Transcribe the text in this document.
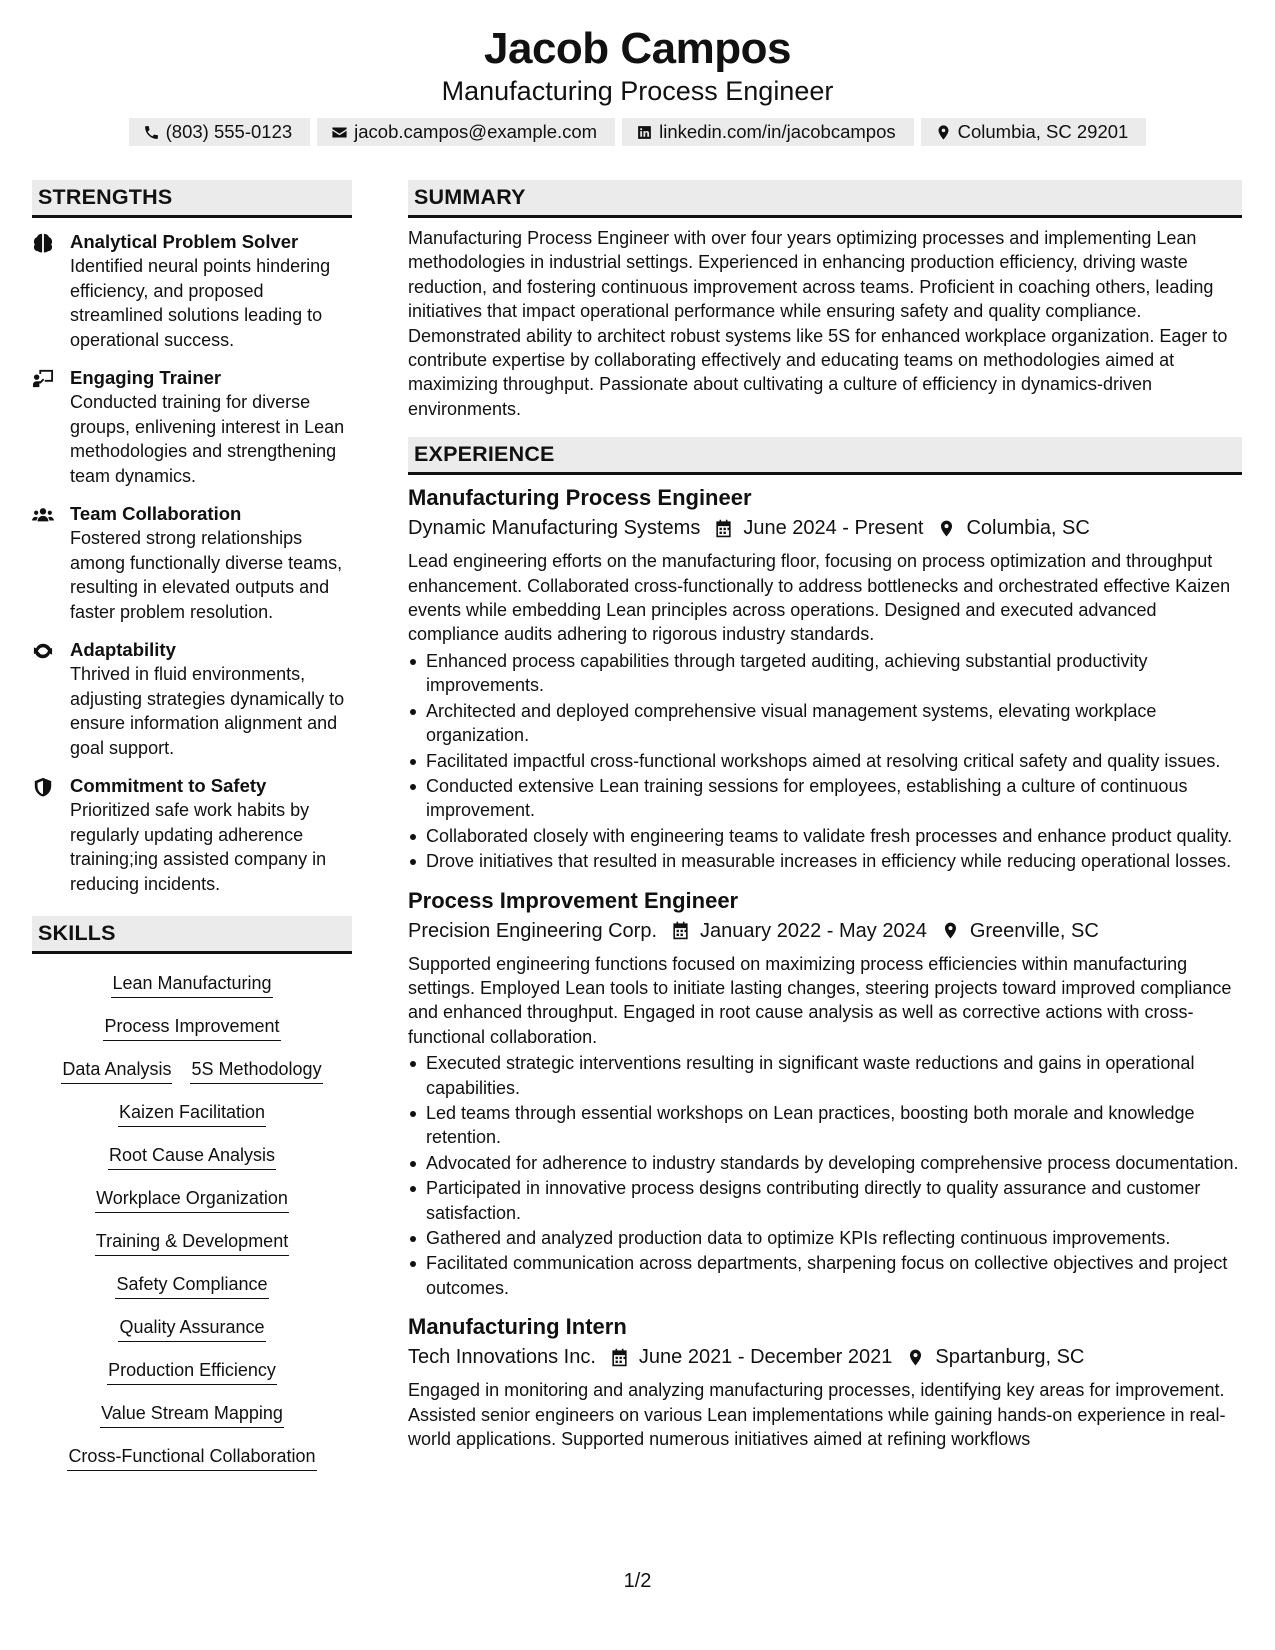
Jacob Campos
Manufacturing Process Engineer
(803) 555-0123	jacob.campos@example.com	linkedin.com/in/jacobcampos	Columbia, SC 29201
STRENGTHS
Analytical Problem Solver
Identified neural points hindering efficiency, and proposed streamlined solutions leading to operational success.
Engaging Trainer
Conducted training for diverse groups, enlivening interest in Lean methodologies and strengthening team dynamics.
Team Collaboration
Fostered strong relationships among functionally diverse teams, resulting in elevated outputs and faster problem resolution.
Adaptability
Thrived in fluid environments, adjusting strategies dynamically to ensure information alignment and goal support.
Commitment to Safety
Prioritized safe work habits by regularly updating adherence training;ing assisted company in reducing incidents.
SKILLS
Lean Manufacturing
Process Improvement
Data Analysis 5S Methodology
Kaizen Facilitation
Root Cause Analysis
Workplace Organization
Training & Development
Safety Compliance
Quality Assurance
Production Efficiency
Value Stream Mapping
Cross-Functional Collaboration
SUMMARY
Manufacturing Process Engineer with over four years optimizing processes and implementing Lean methodologies in industrial settings. Experienced in enhancing production efficiency, driving waste reduction, and fostering continuous improvement across teams. Proficient in coaching others, leading initiatives that impact operational performance while ensuring safety and quality compliance. Demonstrated ability to architect robust systems like 5S for enhanced workplace organization. Eager to contribute expertise by collaborating effectively and educating teams on methodologies aimed at maximizing throughput. Passionate about cultivating a culture of efficiency in dynamics-driven environments.
EXPERIENCE
Manufacturing Process Engineer
Dynamic Manufacturing Systems June 2024 - Present Columbia, SC
Lead engineering efforts on the manufacturing floor, focusing on process optimization and throughput enhancement. Collaborated cross-functionally to address bottlenecks and orchestrated effective Kaizen events while embedding Lean principles across operations. Designed and executed advanced compliance audits adhering to rigorous industry standards.
Enhanced process capabilities through targeted auditing, achieving substantial productivity improvements.
Architected and deployed comprehensive visual management systems, elevating workplace organization.
Facilitated impactful cross-functional workshops aimed at resolving critical safety and quality issues.
Conducted extensive Lean training sessions for employees, establishing a culture of continuous improvement.
Collaborated closely with engineering teams to validate fresh processes and enhance product quality.
Drove initiatives that resulted in measurable increases in efficiency while reducing operational losses.
Process Improvement Engineer
Precision Engineering Corp. January 2022 - May 2024 Greenville, SC
Supported engineering functions focused on maximizing process efficiencies within manufacturing settings. Employed Lean tools to initiate lasting changes, steering projects toward improved compliance and enhanced throughput. Engaged in root cause analysis as well as corrective actions with cross-functional collaboration.
Executed strategic interventions resulting in significant waste reductions and gains in operational capabilities.
Led teams through essential workshops on Lean practices, boosting both morale and knowledge retention.
Advocated for adherence to industry standards by developing comprehensive process documentation.
Participated in innovative process designs contributing directly to quality assurance and customer satisfaction.
Gathered and analyzed production data to optimize KPIs reflecting continuous improvements.
Facilitated communication across departments, sharpening focus on collective objectives and project outcomes.
Manufacturing Intern
Tech Innovations Inc. June 2021 - December 2021 Spartanburg, SC
Engaged in monitoring and analyzing manufacturing processes, identifying key areas for improvement. Assisted senior engineers on various Lean implementations while gaining hands-on experience in real-world applications. Supported numerous initiatives aimed at refining workflows
1/2
